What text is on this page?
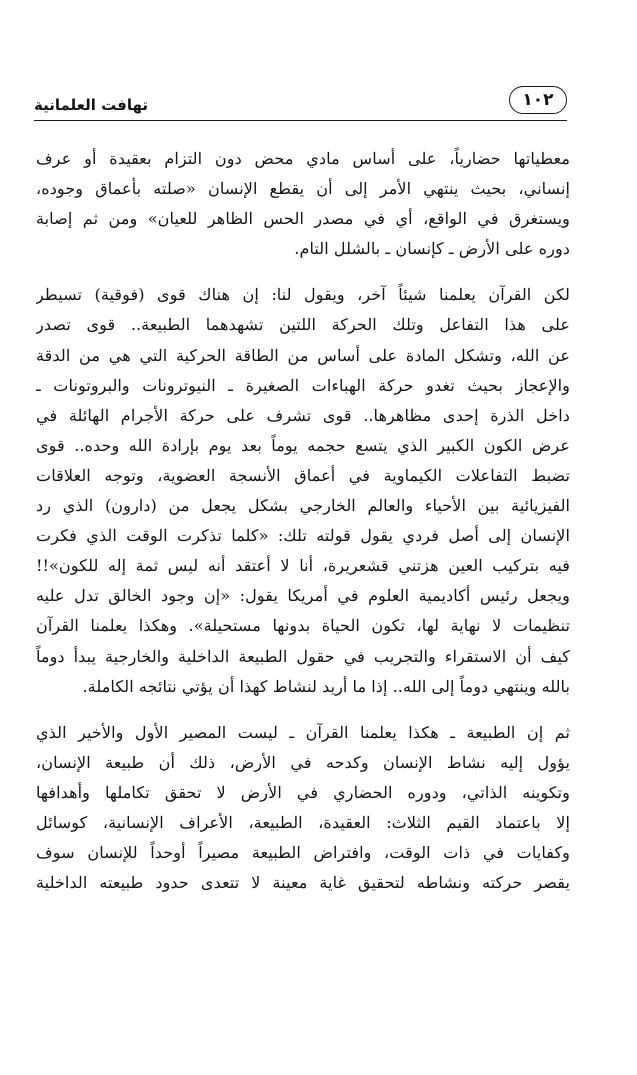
تهافت العلمانية	١٠٢
معطياتها حضارياً، على أساس مادي محض دون التزام بعقيدة أو عرف
إنساني، بحيث ينتهي الأمر إلى أن يقطع الإنسان «صلته بأعماق وجوده،
ويستغرق في الواقع، أي في مصدر الحس الظاهر للعيان» ومن ثم إصابة
دوره على الأرض ـ كإنسان ـ بالشلل التام.
لكن القرآن يعلمنا شيئاً آخر، ويقول لنا: إن هناك قوى (فوقية) تسيطر
على هذا التفاعل وتلك الحركة اللتين تشهدهما الطبيعة.. قوى تصدر
عن الله، وتشكل المادة على أساس من الطاقة الحركية التي هي من الدقة
والإعجاز بحيث تغدو حركة الهباءات الصغيرة ـ النيوترونات والبروتونات ـ
داخل الذرة إحدى مظاهرها.. قوى تشرف على حركة الأجرام الهائلة في
عرض الكون الكبير الذي يتسع حجمه يوماً بعد يوم بإرادة الله وحده.. قوى
تضبط التفاعلات الكيماوية في أعماق الأنسجة العضوية، وتوجه العلاقات
الفيزيائية بين الأحياء والعالم الخارجي بشكل يجعل من (دارون) الذي رد
الإنسان إلى أصل فردي يقول قولته تلك: «كلما تذكرت الوقت الذي فكرت
فيه بتركيب العين هزتني قشعريرة، أنا لا أعتقد أنه ليس ثمة إله للكون»!!
ويجعل رئيس أكاديمية العلوم في أمريكا يقول: «إن وجود الخالق تدل عليه
تنظيمات لا نهاية لها، تكون الحياة بدونها مستحيلة». وهكذا يعلمنا القرآن
كيف أن الاستقراء والتجريب في حقول الطبيعة الداخلية والخارجية يبدأ دوماً
بالله وينتهي دوماً إلى الله.. إذا ما أريد لنشاط كهذا أن يؤتي نتائجه الكاملة.
ثم إن الطبيعة ـ هكذا يعلمنا القرآن ـ ليست المصير الأول والأخير الذي
يؤول إليه نشاط الإنسان وكدحه في الأرض، ذلك أن طبيعة الإنسان،
وتكوينه الذاتي، ودوره الحضاري في الأرض لا تحقق تكاملها وأهدافها
إلا باعتماد القيم الثلاث: العقيدة، الطبيعة، الأعراف الإنسانية، كوسائل
وكفايات في ذات الوقت، وافتراض الطبيعة مصيراً أوحداً للإنسان سوف
يقصر حركته ونشاطه لتحقيق غاية معينة لا تتعدى حدود طبيعته الداخلية
